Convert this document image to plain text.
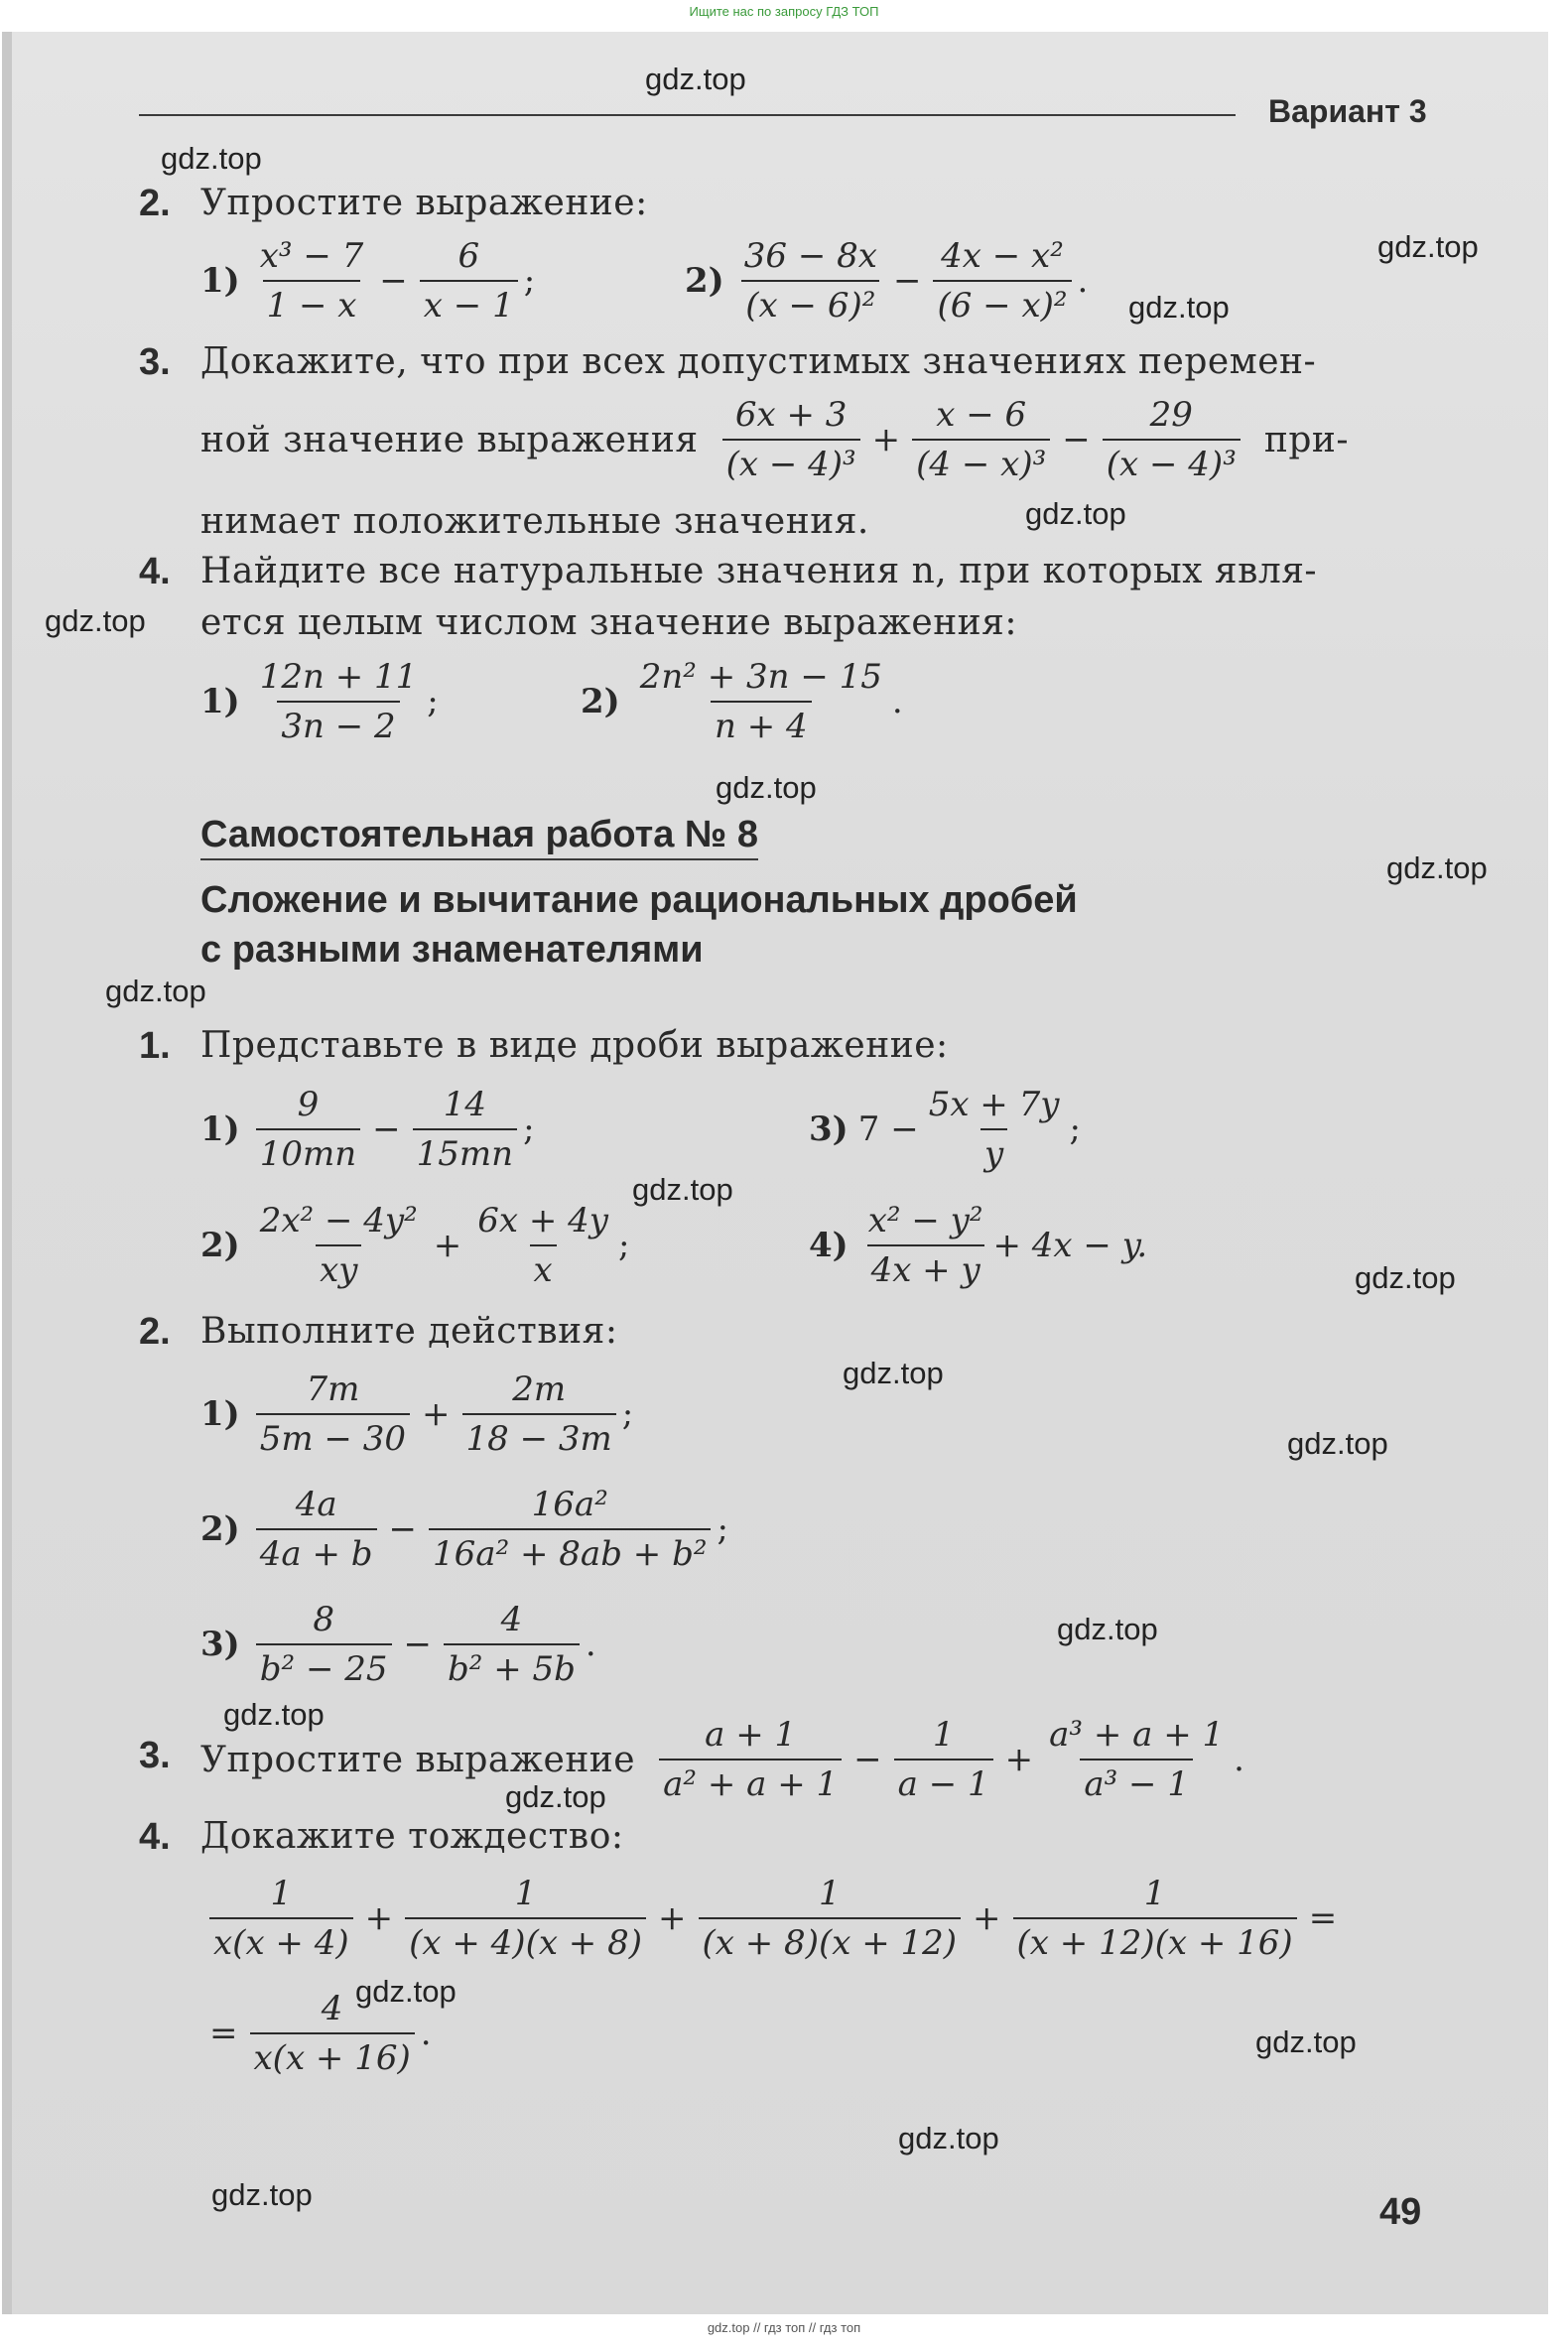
Ищите нас по запросу ГДЗ ТОП
Вариант 3
gdz.top
gdz.top
gdz.top
gdz.top
gdz.top
gdz.top
gdz.top
gdz.top
gdz.top
gdz.top
gdz.top
gdz.top
gdz.top
gdz.top
gdz.top
gdz.top
gdz.top
gdz.top
gdz.top
gdz.top
2. Упростите выражение:
$1) \frac{\text{x³ − 7}}{1 - x} - \frac{6}{x - 1}$ ;	$2) \frac{36 - 8x}{\text{(x − 6)²}} - \frac{\text{4x − x²}}{\text{(6 − x)²}}$ .
3. Докажите, что при всех допустимых значениях перемен-
ной значение выражения $\frac{6x + 3}{\text{(x − 4)³}} + \frac{x - 6}{\text{(4 − x)³}} - \frac{29}{\text{(x − 4)³}} при-$
нимает положительные значения.
4. Найдите все натуральные значения n, при которых явля-
ется целым числом значение выражения:
$1) \frac{12n + 11}{3n - 2}$ ;	$2) \frac{\text{2n² + 3n − 15}}{n + 4}$ .
Самостоятельная работа № 8
Сложение и вычитание рациональных дробей
с разными знаменателями
1. Представьте в виде дроби выражение:
$1) \frac{9}{10mn} - \frac{14}{15mn}$ ;	3) $7 - \frac{5x + 7y}{y}$ ;
$2) \frac{\text{2x² − 4y²}}{xy} + \frac{6x + 4y}{x}$ ;	$4) \frac{\text{x² − y²}}{4x + y} + 4x - y$.
2. Выполните действия:
$1) \frac{7m}{5m - 30} + \frac{2m}{18 - 3m}$ ;
$2) \frac{4a}{4a + b} - \frac{\text{16a²}}{\text{16a² + 8ab + b²}}$ ;
$3) \frac{8}{\text{b² − 25}} - \frac{4}{\text{b² + 5b}}$ .
3. Упростите выражение $\frac{a + 1}{\text{a² + a + 1}} - \frac{1}{a - 1} + \frac{\text{a³ + a + 1}}{\text{a³ − 1}}$ .
4. Докажите тождество:
$\frac{1}{x(x + 4)} + \frac{1}{(x + 4)(x + 8)} + \frac{1}{(x + 8)(x + 12)} + \frac{1}{(x + 12)(x + 16)}$ =
= $\frac{4}{x(x + 16)}$ .
49
gdz.top // гдз топ // гдз топ
